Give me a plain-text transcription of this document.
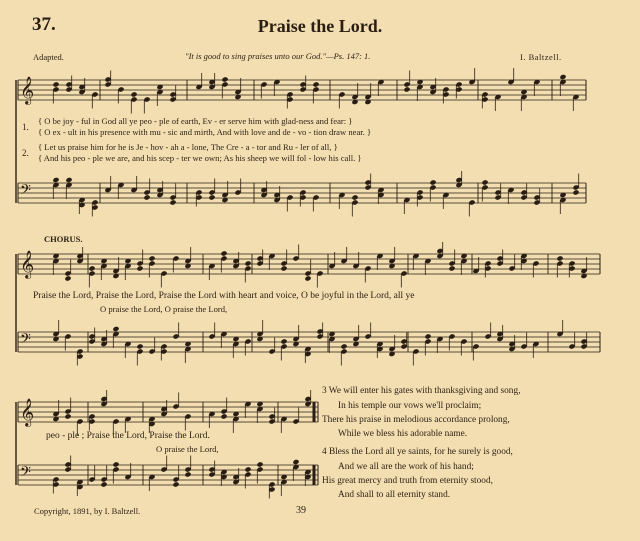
37.	Praise the Lord.
Adapted.	"It is good to sing praises unto our God."—Ps. 147: 1.	I. Baltzell.
𝄞
𝄢
𝄞
𝄢
𝄞
𝄢
1.
{ O be joy - ful in God all ye peo - ple of earth, Ev - er serve him with glad-ness and fear: }
{ O ex - ult in his presence with mu - sic and mirth, And with love and de - vo - tion draw near. }
2.
{ Let us praise him for he is Je - hov - ah a - lone, The Cre - a - tor and Ru - ler of all, }
{ And his peo - ple we are, and his scep - ter we own; As his sheep we will fol - low his call. }
CHORUS.
Praise the Lord, Praise the Lord, Praise the Lord with heart and voice, O be joyful in the Lord, all ye
O praise the Lord, O praise the Lord,
peo - ple ; Praise the Lord, Praise the Lord.
O praise the Lord,
3 We will enter his gates with thanksgiving and song,
In his temple our vows we'll proclaim;
There his praise in melodious accordance prolong,
While we bless his adorable name.
4 Bless the Lord all ye saints, for he surely is good,
And we all are the work of his hand;
His great mercy and truth from eternity stood,
And shall to all eternity stand.
Copyright, 1891, by I. Baltzell.	39
